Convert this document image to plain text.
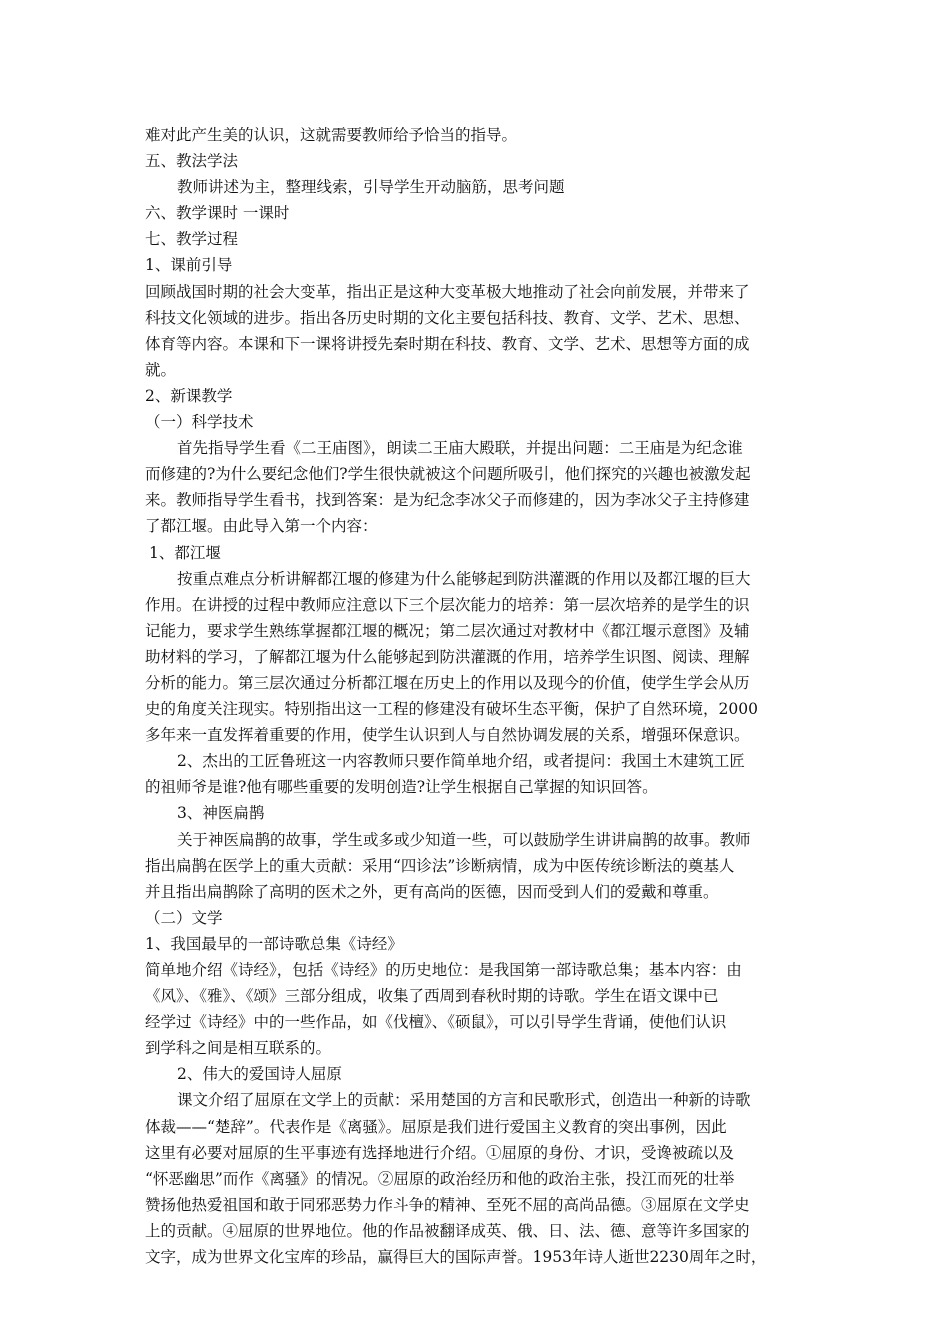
难对此产生美的认识，这就需要教师给予恰当的指导。
五、教法学法
教师讲述为主，整理线索，引导学生开动脑筋，思考问题
六、教学课时 一课时
七、教学过程
1、课前引导
回顾战国时期的社会大变革，指出正是这种大变革极大地推动了社会向前发展，并带来了
科技文化领域的进步。指出各历史时期的文化主要包括科技、教育、文学、艺术、思想、
体育等内容。本课和下一课将讲授先秦时期在科技、教育、文学、艺术、思想等方面的成
就。
2、新课教学
（一）科学技术
首先指导学生看《二王庙图》，朗读二王庙大殿联，并提出问题：二王庙是为纪念谁
而修建的?为什么要纪念他们?学生很快就被这个问题所吸引，他们探究的兴趣也被激发起
来。教师指导学生看书，找到答案：是为纪念李冰父子而修建的，因为李冰父子主持修建
了都江堰。由此导入第一个内容：
1、都江堰
按重点难点分析讲解都江堰的修建为什么能够起到防洪灌溉的作用以及都江堰的巨大
作用。在讲授的过程中教师应注意以下三个层次能力的培养：第一层次培养的是学生的识
记能力，要求学生熟练掌握都江堰的概况；第二层次通过对教材中《都江堰示意图》及辅
助材料的学习，了解都江堰为什么能够起到防洪灌溉的作用，培养学生识图、阅读、理解
分析的能力。第三层次通过分析都江堰在历史上的作用以及现今的价值，使学生学会从历
史的角度关注现实。特别指出这一工程的修建没有破坏生态平衡，保护了自然环境，2000
多年来一直发挥着重要的作用，使学生认识到人与自然协调发展的关系，增强环保意识。
2、杰出的工匠鲁班这一内容教师只要作简单地介绍，或者提问：我国土木建筑工匠
的祖师爷是谁?他有哪些重要的发明创造?让学生根据自己掌握的知识回答。
3、神医扁鹊
关于神医扁鹊的故事，学生或多或少知道一些，可以鼓励学生讲讲扁鹊的故事。教师
指出扁鹊在医学上的重大贡献：采用“四诊法”诊断病情，成为中医传统诊断法的奠基人
并且指出扁鹊除了高明的医术之外，更有高尚的医德，因而受到人们的爱戴和尊重。
（二）文学
1、我国最早的一部诗歌总集《诗经》
简单地介绍《诗经》，包括《诗经》的历史地位：是我国第一部诗歌总集；基本内容：由
《风》、《雅》、《颂》三部分组成，收集了西周到春秋时期的诗歌。学生在语文课中已
经学过《诗经》中的一些作品，如《伐檀》、《硕鼠》，可以引导学生背诵，使他们认识
到学科之间是相互联系的。
2、伟大的爱国诗人屈原
课文介绍了屈原在文学上的贡献：采用楚国的方言和民歌形式，创造出一种新的诗歌
体裁——“楚辞”。代表作是《离骚》。屈原是我们进行爱国主义教育的突出事例，因此
这里有必要对屈原的生平事迹有选择地进行介绍。①屈原的身份、才识，受谗被疏以及
“怀恶幽思”而作《离骚》的情况。②屈原的政治经历和他的政治主张，投江而死的壮举
赞扬他热爱祖国和敢于同邪恶势力作斗争的精神、至死不屈的高尚品德。③屈原在文学史
上的贡献。④屈原的世界地位。他的作品被翻译成英、俄、日、法、德、意等许多国家的
文字，成为世界文化宝库的珍品，赢得巨大的国际声誉。1953年诗人逝世2230周年之时，
